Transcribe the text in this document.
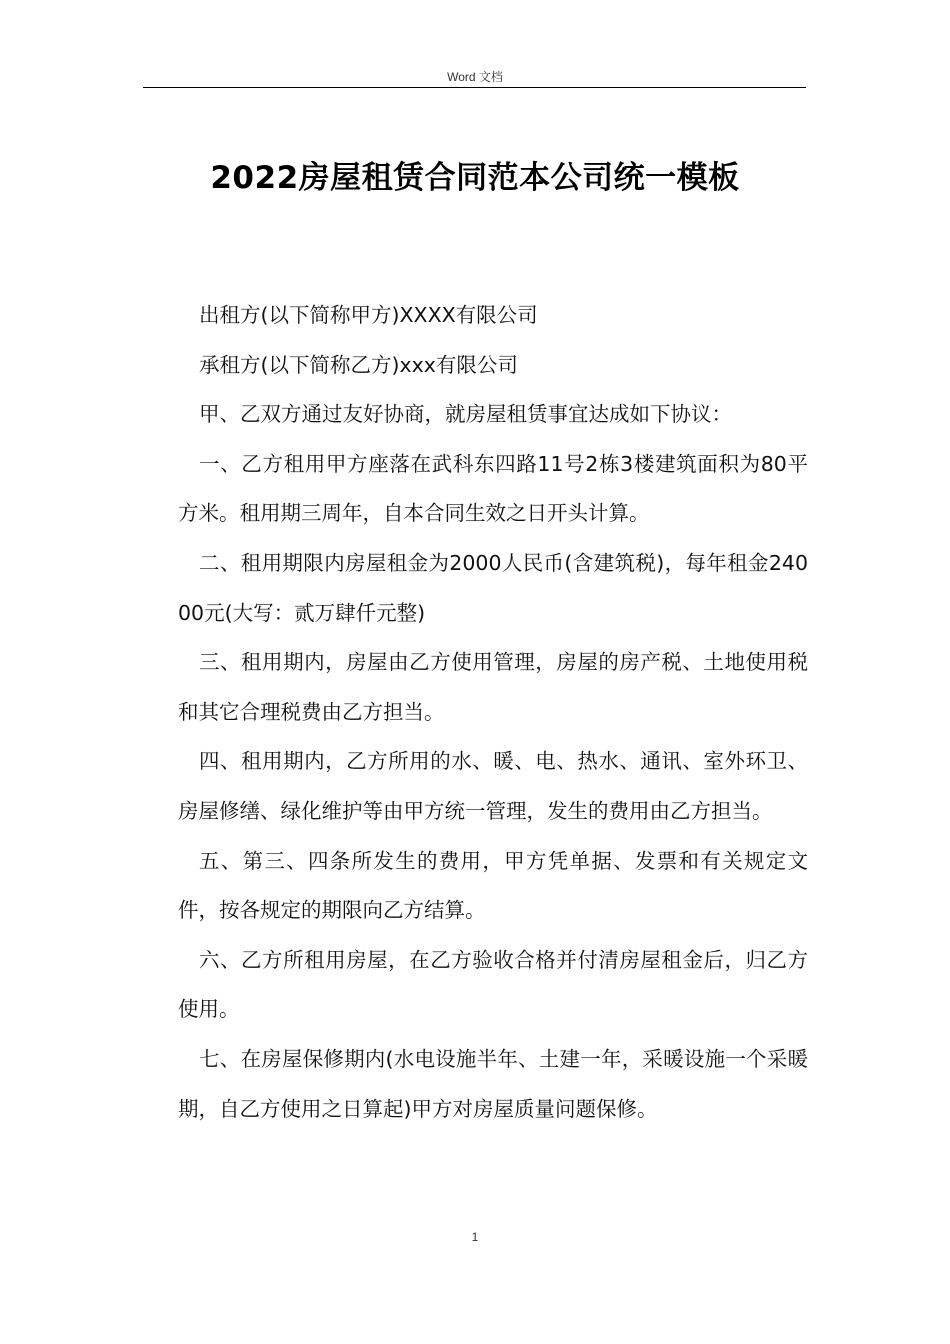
Word 文档
2022房屋租赁合同范本公司统一模板

出租方(以下简称甲方)XXXX有限公司

承租方(以下简称乙方)xxx有限公司

甲、乙双方通过友好协商，就房屋租赁事宜达成如下协议：

一、乙方租用甲方座落在武科东四路11号2栋3楼建筑面积为80平方米。租用期三周年，自本合同生效之日开头计算。

二、租用期限内房屋租金为2000人民币(含建筑税)，每年租金24000元(大写：贰万肆仟元整)

三、租用期内，房屋由乙方使用管理，房屋的房产税、土地使用税和其它合理税费由乙方担当。

四、租用期内，乙方所用的水、暖、电、热水、通讯、室外环卫、房屋修缮、绿化维护等由甲方统一管理，发生的费用由乙方担当。

五、第三、四条所发生的费用，甲方凭单据、发票和有关规定文件，按各规定的期限向乙方结算。

六、乙方所租用房屋，在乙方验收合格并付清房屋租金后，归乙方使用。

七、在房屋保修期内(水电设施半年、土建一年，采暖设施一个采暖期，自乙方使用之日算起)甲方对房屋质量问题保修。

1
